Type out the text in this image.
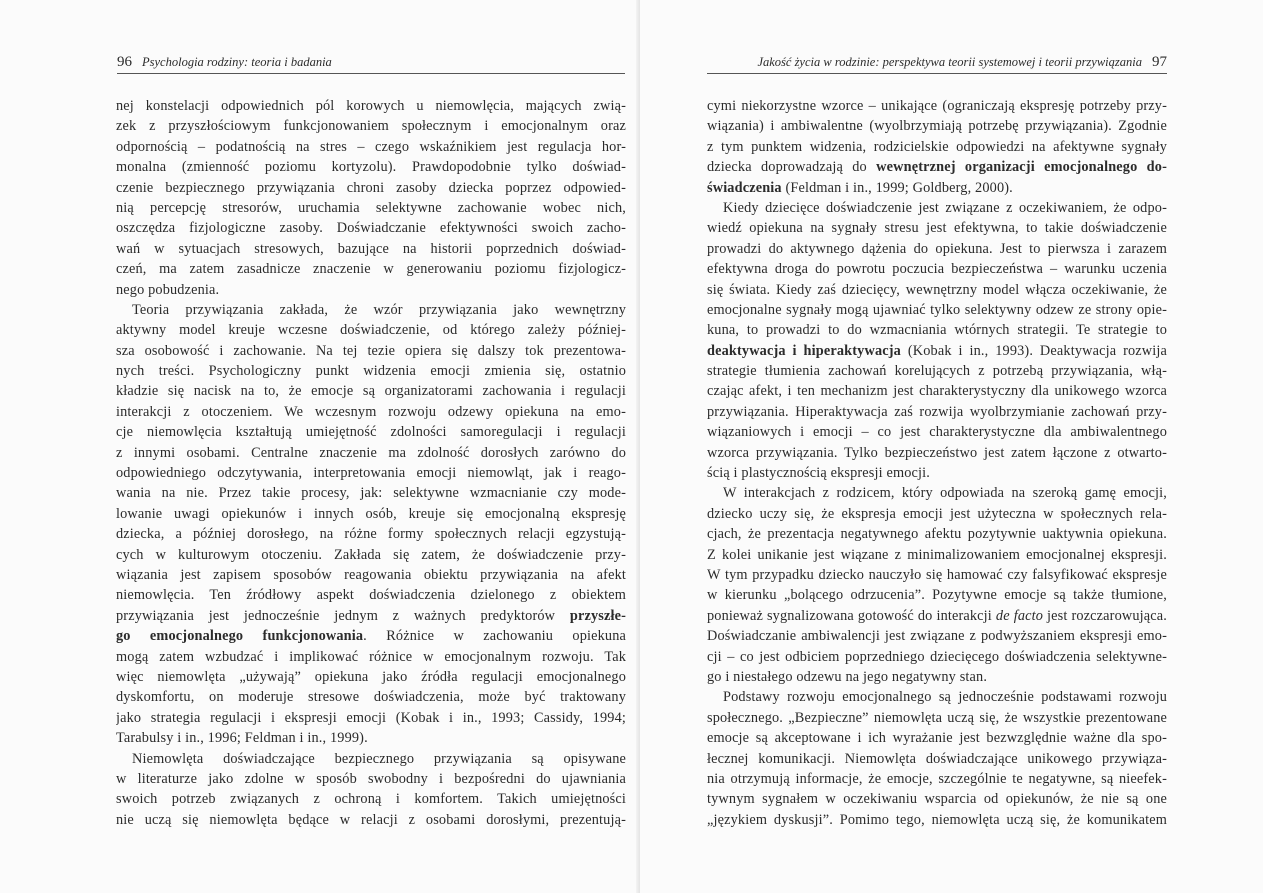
96 Psychologia rodziny: teoria i badania
nej konstelacji odpowiednich pól korowych u niemowlęcia, mających zwią-
zek z przyszłościowym funkcjonowaniem społecznym i emocjonalnym oraz
odpornością – podatnością na stres – czego wskaźnikiem jest regulacja hor-
monalna (zmienność poziomu kortyzolu). Prawdopodobnie tylko doświad-
czenie bezpiecznego przywiązania chroni zasoby dziecka poprzez odpowied-
nią percepcję stresorów, uruchamia selektywne zachowanie wobec nich,
oszczędza fizjologiczne zasoby. Doświadczanie efektywności swoich zacho-
wań w sytuacjach stresowych, bazujące na historii poprzednich doświad-
czeń, ma zatem zasadnicze znaczenie w generowaniu poziomu fizjologicz-
nego pobudzenia.
Teoria przywiązania zakłada, że wzór przywiązania jako wewnętrzny
aktywny model kreuje wczesne doświadczenie, od którego zależy później-
sza osobowość i zachowanie. Na tej tezie opiera się dalszy tok prezentowa-
nych treści. Psychologiczny punkt widzenia emocji zmienia się, ostatnio
kładzie się nacisk na to, że emocje są organizatorami zachowania i regulacji
interakcji z otoczeniem. We wczesnym rozwoju odzewy opiekuna na emo-
cje niemowlęcia kształtują umiejętność zdolności samoregulacji i regulacji
z innymi osobami. Centralne znaczenie ma zdolność dorosłych zarówno do
odpowiedniego odczytywania, interpretowania emocji niemowląt, jak i reago-
wania na nie. Przez takie procesy, jak: selektywne wzmacnianie czy mode-
lowanie uwagi opiekunów i innych osób, kreuje się emocjonalną ekspresję
dziecka, a później dorosłego, na różne formy społecznych relacji egzystują-
cych w kulturowym otoczeniu. Zakłada się zatem, że doświadczenie przy-
wiązania jest zapisem sposobów reagowania obiektu przywiązania na afekt
niemowlęcia. Ten źródłowy aspekt doświadczenia dzielonego z obiektem
przywiązania jest jednocześnie jednym z ważnych predyktorów przyszłe-
go emocjonalnego funkcjonowania. Różnice w zachowaniu opiekuna
mogą zatem wzbudzać i implikować różnice w emocjonalnym rozwoju. Tak
więc niemowlęta „używają” opiekuna jako źródła regulacji emocjonalnego
dyskomfortu, on moderuje stresowe doświadczenia, może być traktowany
jako strategia regulacji i ekspresji emocji (Kobak i in., 1993; Cassidy, 1994;
Tarabulsy i in., 1996; Feldman i in., 1999).
Niemowlęta doświadczające bezpiecznego przywiązania są opisywane
w literaturze jako zdolne w sposób swobodny i bezpośredni do ujawniania
swoich potrzeb związanych z ochroną i komfortem. Takich umiejętności
nie uczą się niemowlęta będące w relacji z osobami dorosłymi, prezentują-
Jakość życia w rodzinie: perspektywa teorii systemowej i teorii przywiązania 97
cymi niekorzystne wzorce – unikające (ograniczają ekspresję potrzeby przy-
wiązania) i ambiwalentne (wyolbrzymiają potrzebę przywiązania). Zgodnie
z tym punktem widzenia, rodzicielskie odpowiedzi na afektywne sygnały
dziecka doprowadzają do wewnętrznej organizacji emocjonalnego do-
świadczenia (Feldman i in., 1999; Goldberg, 2000).
Kiedy dziecięce doświadczenie jest związane z oczekiwaniem, że odpo-
wiedź opiekuna na sygnały stresu jest efektywna, to takie doświadczenie
prowadzi do aktywnego dążenia do opiekuna. Jest to pierwsza i zarazem
efektywna droga do powrotu poczucia bezpieczeństwa – warunku uczenia
się świata. Kiedy zaś dziecięcy, wewnętrzny model włącza oczekiwanie, że
emocjonalne sygnały mogą ujawniać tylko selektywny odzew ze strony opie-
kuna, to prowadzi to do wzmacniania wtórnych strategii. Te strategie to
deaktywacja i hiperaktywacja (Kobak i in., 1993). Deaktywacja rozwija
strategie tłumienia zachowań korelujących z potrzebą przywiązania, włą-
czając afekt, i ten mechanizm jest charakterystyczny dla unikowego wzorca
przywiązania. Hiperaktywacja zaś rozwija wyolbrzymianie zachowań przy-
wiązaniowych i emocji – co jest charakterystyczne dla ambiwalentnego
wzorca przywiązania. Tylko bezpieczeństwo jest zatem łączone z otwarto-
ścią i plastycznością ekspresji emocji.
W interakcjach z rodzicem, który odpowiada na szeroką gamę emocji,
dziecko uczy się, że ekspresja emocji jest użyteczna w społecznych rela-
cjach, że prezentacja negatywnego afektu pozytywnie uaktywnia opiekuna.
Z kolei unikanie jest wiązane z minimalizowaniem emocjonalnej ekspresji.
W tym przypadku dziecko nauczyło się hamować czy falsyfikować ekspresje
w kierunku „bolącego odrzucenia”. Pozytywne emocje są także tłumione,
ponieważ sygnalizowana gotowość do interakcji de facto jest rozczarowująca.
Doświadczanie ambiwalencji jest związane z podwyższaniem ekspresji emo-
cji – co jest odbiciem poprzedniego dziecięcego doświadczenia selektywne-
go i niestałego odzewu na jego negatywny stan.
Podstawy rozwoju emocjonalnego są jednocześnie podstawami rozwoju
społecznego. „Bezpieczne” niemowlęta uczą się, że wszystkie prezentowane
emocje są akceptowane i ich wyrażanie jest bezwzględnie ważne dla spo-
łecznej komunikacji. Niemowlęta doświadczające unikowego przywiąza-
nia otrzymują informacje, że emocje, szczególnie te negatywne, są nieefek-
tywnym sygnałem w oczekiwaniu wsparcia od opiekunów, że nie są one
„językiem dyskusji”. Pomimo tego, niemowlęta uczą się, że komunikatem
